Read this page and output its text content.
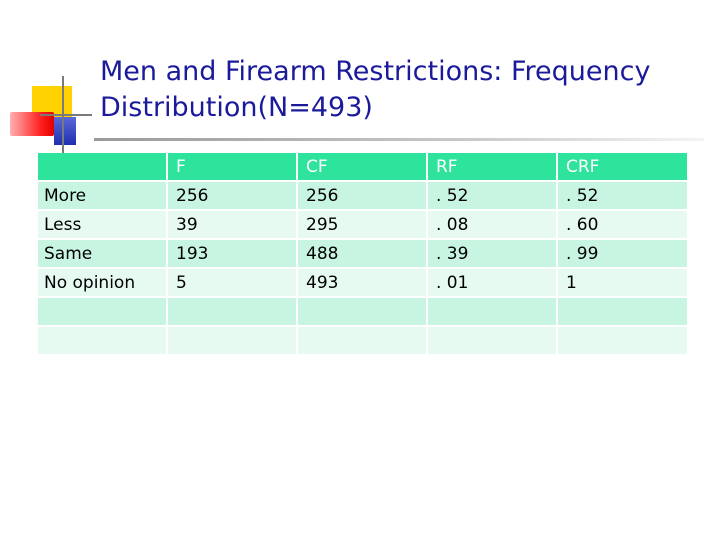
Men and Firearm Restrictions: Frequency
Distribution(N=493)
	F	CF	RF	CRF
More	256	256	. 52	. 52
Less	39	295	. 08	. 60
Same	193	488	. 39	. 99
No opinion	5	493	. 01	1
